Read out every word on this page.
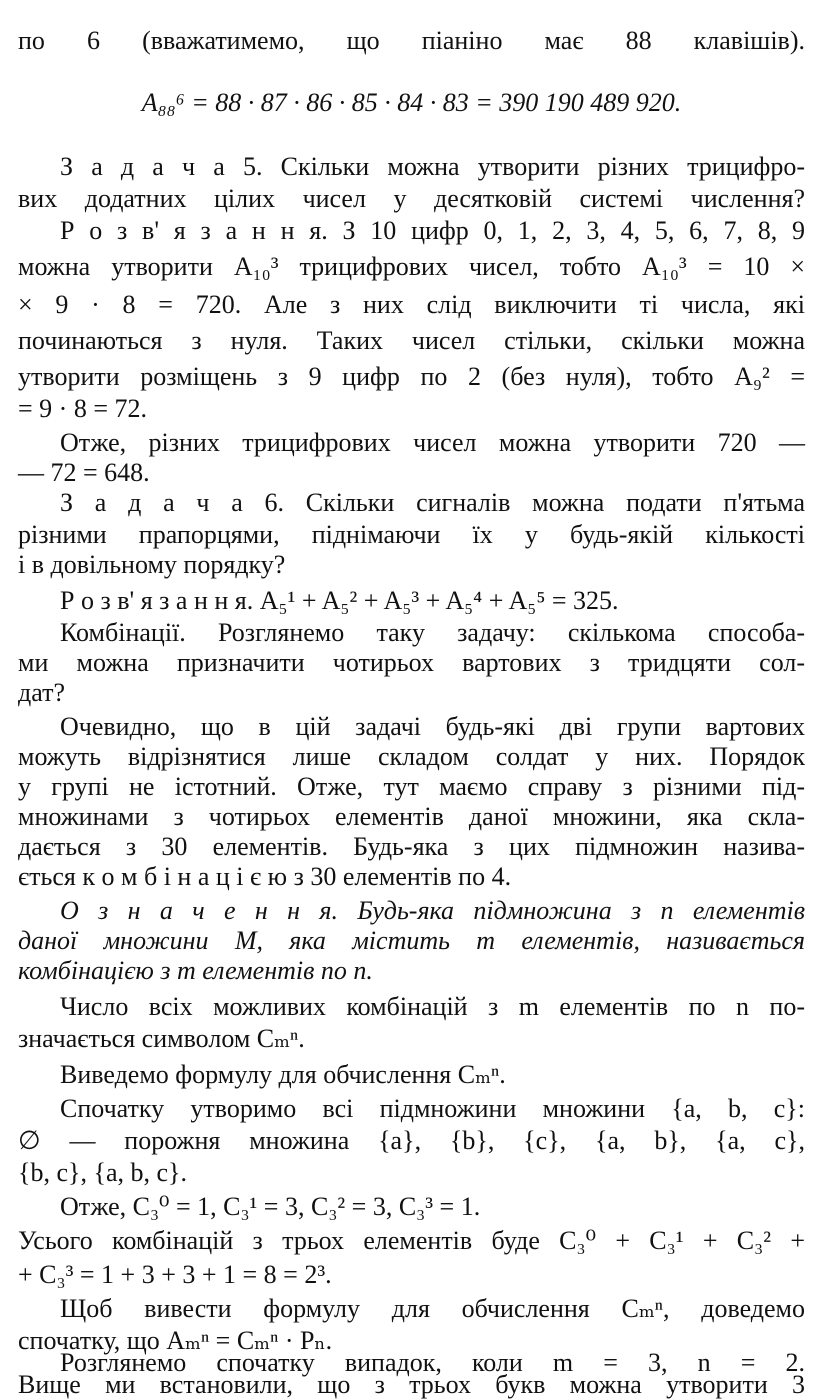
по 6 (вважатимемо, що піаніно має 88 клавішів).
A₈₈⁶ = 88 · 87 · 86 · 85 · 84 · 83 = 390 190 489 920.
З а д а ч а 5. Скільки можна утворити різних трицифро-
вих додатних цілих чисел у десятковій системі числення?
Р о з в' я з а н н я. З 10 цифр 0, 1, 2, 3, 4, 5, 6, 7, 8, 9
можна утворити A₁₀³ трицифрових чисел, тобто A₁₀³ = 10 ×
× 9 · 8 = 720. Але з них слід виключити ті числа, які
починаються з нуля. Таких чисел стільки, скільки можна
утворити розміщень з 9 цифр по 2 (без нуля), тобто A₉² =
= 9 · 8 = 72.
Отже, різних трицифрових чисел можна утворити 720 —
— 72 = 648.
З а д а ч а 6. Скільки сигналів можна подати п'ятьма
різними прапорцями, піднімаючи їх у будь-якій кількості
і в довільному порядку?
Р о з в' я з а н н я. A₅¹ + A₅² + A₅³ + A₅⁴ + A₅⁵ = 325.
Комбінації. Розглянемо таку задачу: скількома способа-
ми можна призначити чотирьох вартових з тридцяти сол-
дат?
Очевидно, що в цій задачі будь-які дві групи вартових
можуть відрізнятися лише складом солдат у них. Порядок
у групі не істотний. Отже, тут маємо справу з різними під-
множинами з чотирьох елементів даної множини, яка скла-
дається з 30 елементів. Будь-яка з цих підмножин назива-
ється к о м б і н а ц і є ю з 30 елементів по 4.
О з н а ч е н н я. Будь-яка підмножина з n елементів
даної множини M, яка містить m елементів, називається
комбінацією з m елементів по n.
Число всіх можливих комбінацій з m елементів по n по-
значається символом Cₘⁿ.
Виведемо формулу для обчислення Cₘⁿ.
Спочатку утворимо всі підмножини множини {a, b, c}:
∅ — порожня множина {a}, {b}, {c}, {a, b}, {a, c},
{b, c}, {a, b, c}.
Отже, C₃⁰ = 1, C₃¹ = 3, C₃² = 3, C₃³ = 1.
Усього комбінацій з трьох елементів буде C₃⁰ + C₃¹ + C₃² +
+ C₃³ = 1 + 3 + 3 + 1 = 8 = 2³.
Щоб вивести формулу для обчислення Cₘⁿ, доведемо
спочатку, що Aₘⁿ = Cₘⁿ · Pₙ.
Розглянемо спочатку випадок, коли m = 3, n = 2.
Вище ми встановили, що з трьох букв можна утворити 3
